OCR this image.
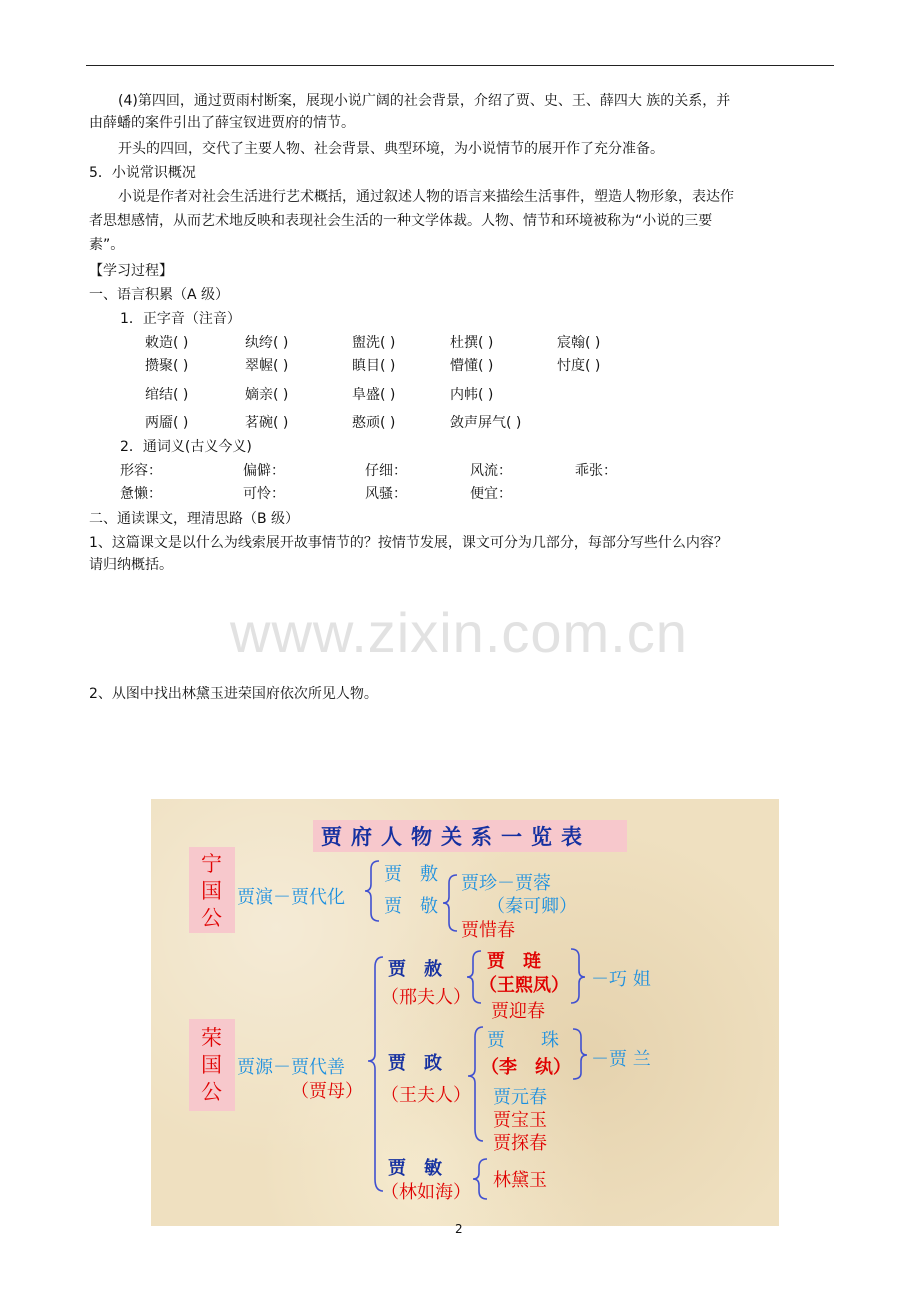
(4)第四回，通过贾雨村断案，展现小说广阔的社会背景，介绍了贾、史、王、薛四大 族的关系，并
由薛蟠的案件引出了薛宝钗进贾府的情节。
开头的四回，交代了主要人物、社会背景、典型环境，为小说情节的展开作了充分准备。
5．小说常识概况
小说是作者对社会生活进行艺术概括，通过叙述人物的语言来描绘生活事件，塑造人物形象，表达作
者思想感情，从而艺术地反映和表现社会生活的一种文学体裁。人物、情节和环境被称为“小说的三要
素”。
【学习过程】
一、语言积累（A 级）
1．正字音（注音）
敕造( )	纨绔( )	盥洗( )	杜撰( )	宸翰( )
攒聚( )	翠幄( )	瞋目( )	懵懂( )	忖度( )
绾结( )	嫡亲( )	阜盛( )	内帏( )
两靥( )	茗碗( )	憨顽( )	敛声屏气( )
2．通词义(古义今义)
形容：	偏僻：	仔细：	风流：	乖张：
惫懒：	可怜：	风骚：	便宜：
二、通读课文，理清思路（B 级）
1、这篇课文是以什么为线索展开故事情节的？按情节发展，课文可分为几部分，每部分写些什么内容？
请归纳概括。
www.zixin.com.cn
2、从图中找出林黛玉进荣国府依次所见人物。
贾府人物关系一览表
宁国公
荣国公
贾演－贾代化
贾　敷
贾　敬
贾珍－贾蓉
（秦可卿）
贾惜春
贾源－贾代善
（贾母）
贾　赦
（邢夫人）
贾　琏
（王熙凤）
贾迎春
－巧 姐
贾　政
（王夫人）
贾　　珠
（李　纨） －贾 兰
贾元春
贾宝玉
贾探春
贾　敏
（林如海）
林黛玉
2
